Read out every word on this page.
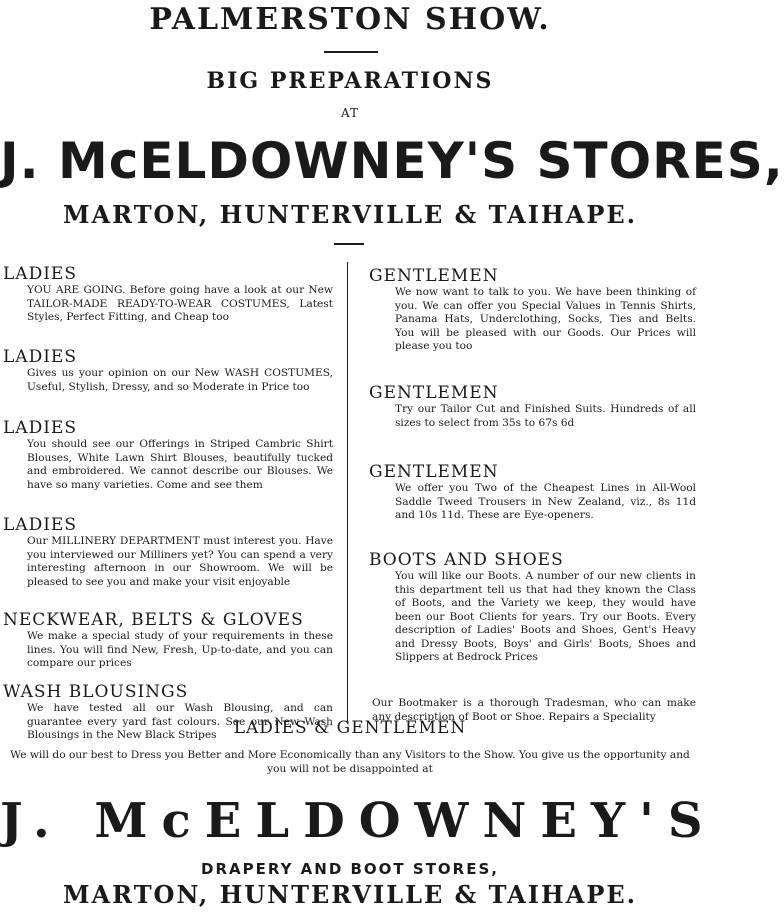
PALMERSTON SHOW.
BIG PREPARATIONS
AT
J. McELDOWNEY'S STORES,
MARTON, HUNTERVILLE & TAIHAPE.
LADIES
YOU ARE GOING. Before going have a look at our New TAILOR-MADE READY-TO-WEAR COSTUMES, Latest Styles, Perfect Fitting, and Cheap too
LADIES
Gives us your opinion on our New WASH COSTUMES, Useful, Stylish, Dressy, and so Moderate in Price too
LADIES
You should see our Offerings in Striped Cambric Shirt Blouses, White Lawn Shirt Blouses, beautifully tucked and embroidered. We cannot describe our Blouses. We have so many varieties. Come and see them
LADIES
Our MILLINERY DEPARTMENT must interest you. Have you interviewed our Milliners yet? You can spend a very interesting afternoon in our Showroom. We will be pleased to see you and make your visit enjoyable
NECKWEAR, BELTS & GLOVES
We make a special study of your requirements in these lines. You will find New, Fresh, Up-to-date, and you can compare our prices
WASH BLOUSINGS
We have tested all our Wash Blousing, and can guarantee every yard fast colours. See our New Wash Blousings in the New Black Stripes
GENTLEMEN
We now want to talk to you. We have been thinking of you. We can offer you Special Values in Tennis Shirts, Panama Hats, Underclothing, Socks, Ties and Belts. You will be pleased with our Goods. Our Prices will please you too
GENTLEMEN
Try our Tailor Cut and Finished Suits. Hundreds of all sizes to select from 35s to 67s 6d
GENTLEMEN
We offer you Two of the Cheapest Lines in All-Wool Saddle Tweed Trousers in New Zealand, viz., 8s 11d and 10s 11d. These are Eye-openers.
BOOTS AND SHOES
You will like our Boots. A number of our new clients in this department tell us that had they known the Class of Boots, and the Variety we keep, they would have been our Boot Clients for years. Try our Boots. Every description of Ladies' Boots and Shoes, Gent's Heavy and Dressy Boots, Boys' and Girls' Boots, Shoes and Slippers at Bedrock Prices
Our Bootmaker is a thorough Tradesman, who can make any description of Boot or Shoe. Repairs a Speciality
LADIES & GENTLEMEN
We will do our best to Dress you Better and More Economically than any Visitors to the Show. You give us the opportunity and you will not be disappointed at
J. McELDOWNEY'S
DRAPERY AND BOOT STORES,
MARTON, HUNTERVILLE & TAIHAPE.
